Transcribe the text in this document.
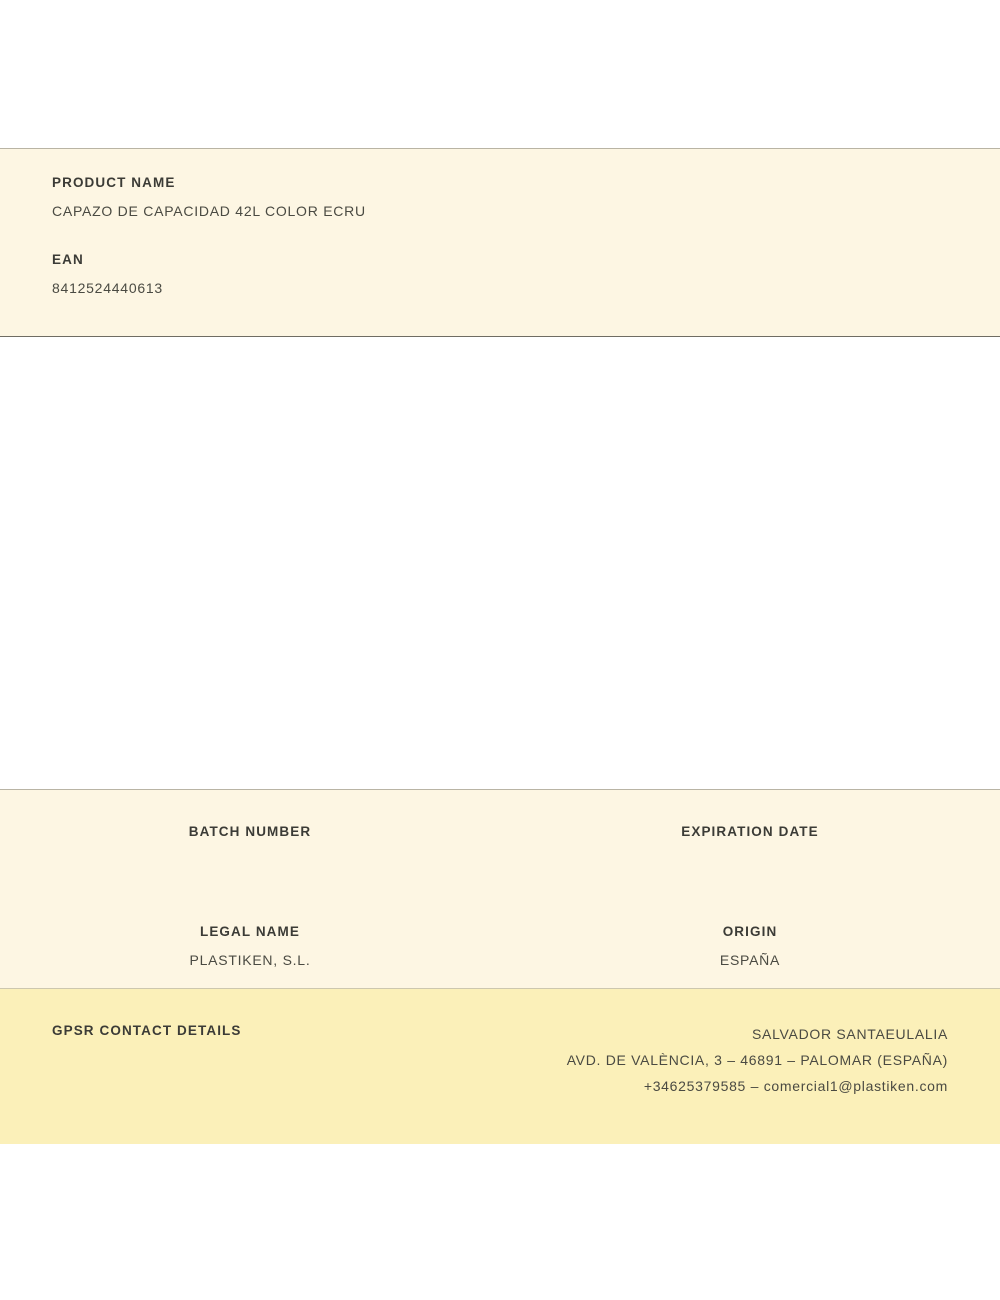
PRODUCT NAME
CAPAZO DE CAPACIDAD 42L COLOR ECRU
EAN
8412524440613
BATCH NUMBER	EXPIRATION DATE
LEGAL NAME
PLASTIKEN, S.L.
ORIGIN
ESPAÑA
GPSR CONTACT DETAILS	SALVADOR SANTAEULALIA
AVD. DE VALÈNCIA, 3 – 46891 – PALOMAR (ESPAÑA)
+34625379585 – comercial1@plastiken.com
